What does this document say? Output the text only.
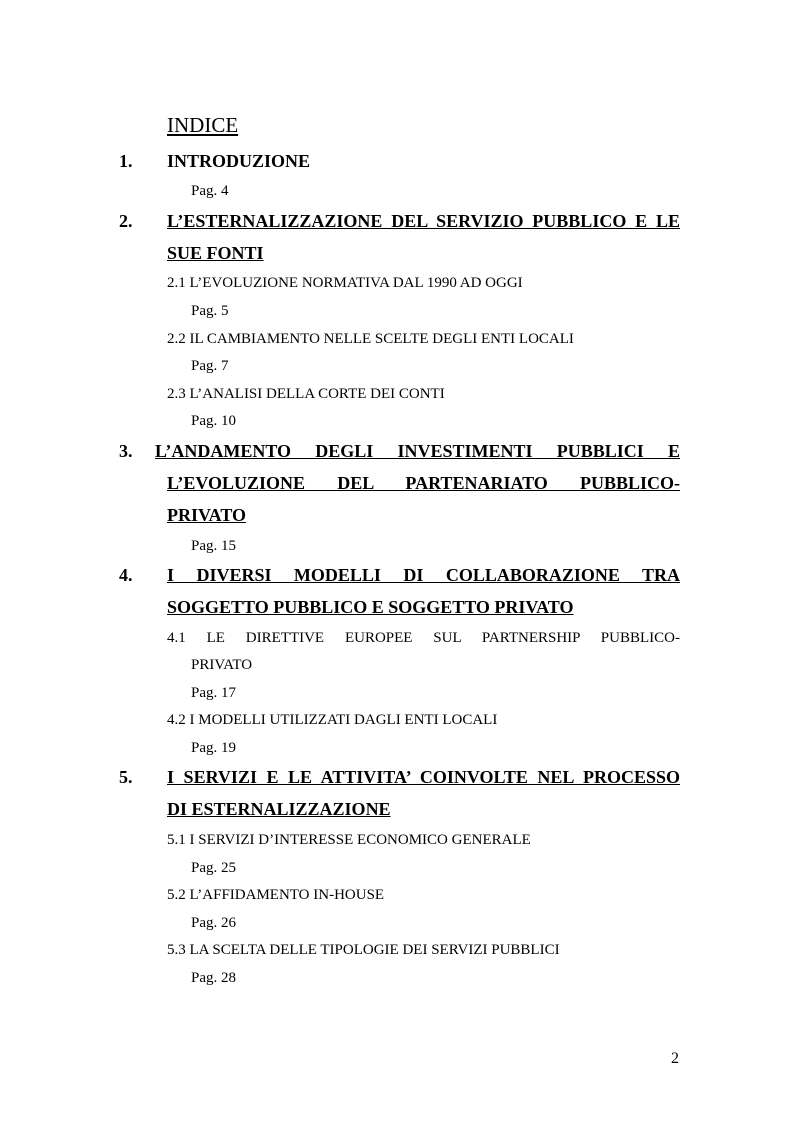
INDICE
1. INTRODUZIONE
Pag. 4
2. L’ESTERNALIZZAZIONE DEL SERVIZIO PUBBLICO E LE
SUE FONTI
2.1 L’EVOLUZIONE NORMATIVA DAL 1990 AD OGGI
Pag. 5
2.2 IL CAMBIAMENTO NELLE SCELTE DEGLI ENTI LOCALI
Pag. 7
2.3 L’ANALISI DELLA CORTE DEI CONTI
Pag. 10
3. L’ANDAMENTO DEGLI INVESTIMENTI PUBBLICI E
L’EVOLUZIONE DEL PARTENARIATO PUBBLICO-
PRIVATO
Pag. 15
4. I DIVERSI MODELLI DI COLLABORAZIONE TRA
SOGGETTO PUBBLICO E SOGGETTO PRIVATO
4.1 LE DIRETTIVE EUROPEE SUL PARTNERSHIP PUBBLICO-
PRIVATO
Pag. 17
4.2 I MODELLI UTILIZZATI DAGLI ENTI LOCALI
Pag. 19
5. I SERVIZI E LE ATTIVITA’ COINVOLTE NEL PROCESSO
DI ESTERNALIZZAZIONE
5.1 I SERVIZI D’INTERESSE ECONOMICO GENERALE
Pag. 25
5.2 L’AFFIDAMENTO IN-HOUSE
Pag. 26
5.3 LA SCELTA DELLE TIPOLOGIE DEI SERVIZI PUBBLICI
Pag. 28
2
